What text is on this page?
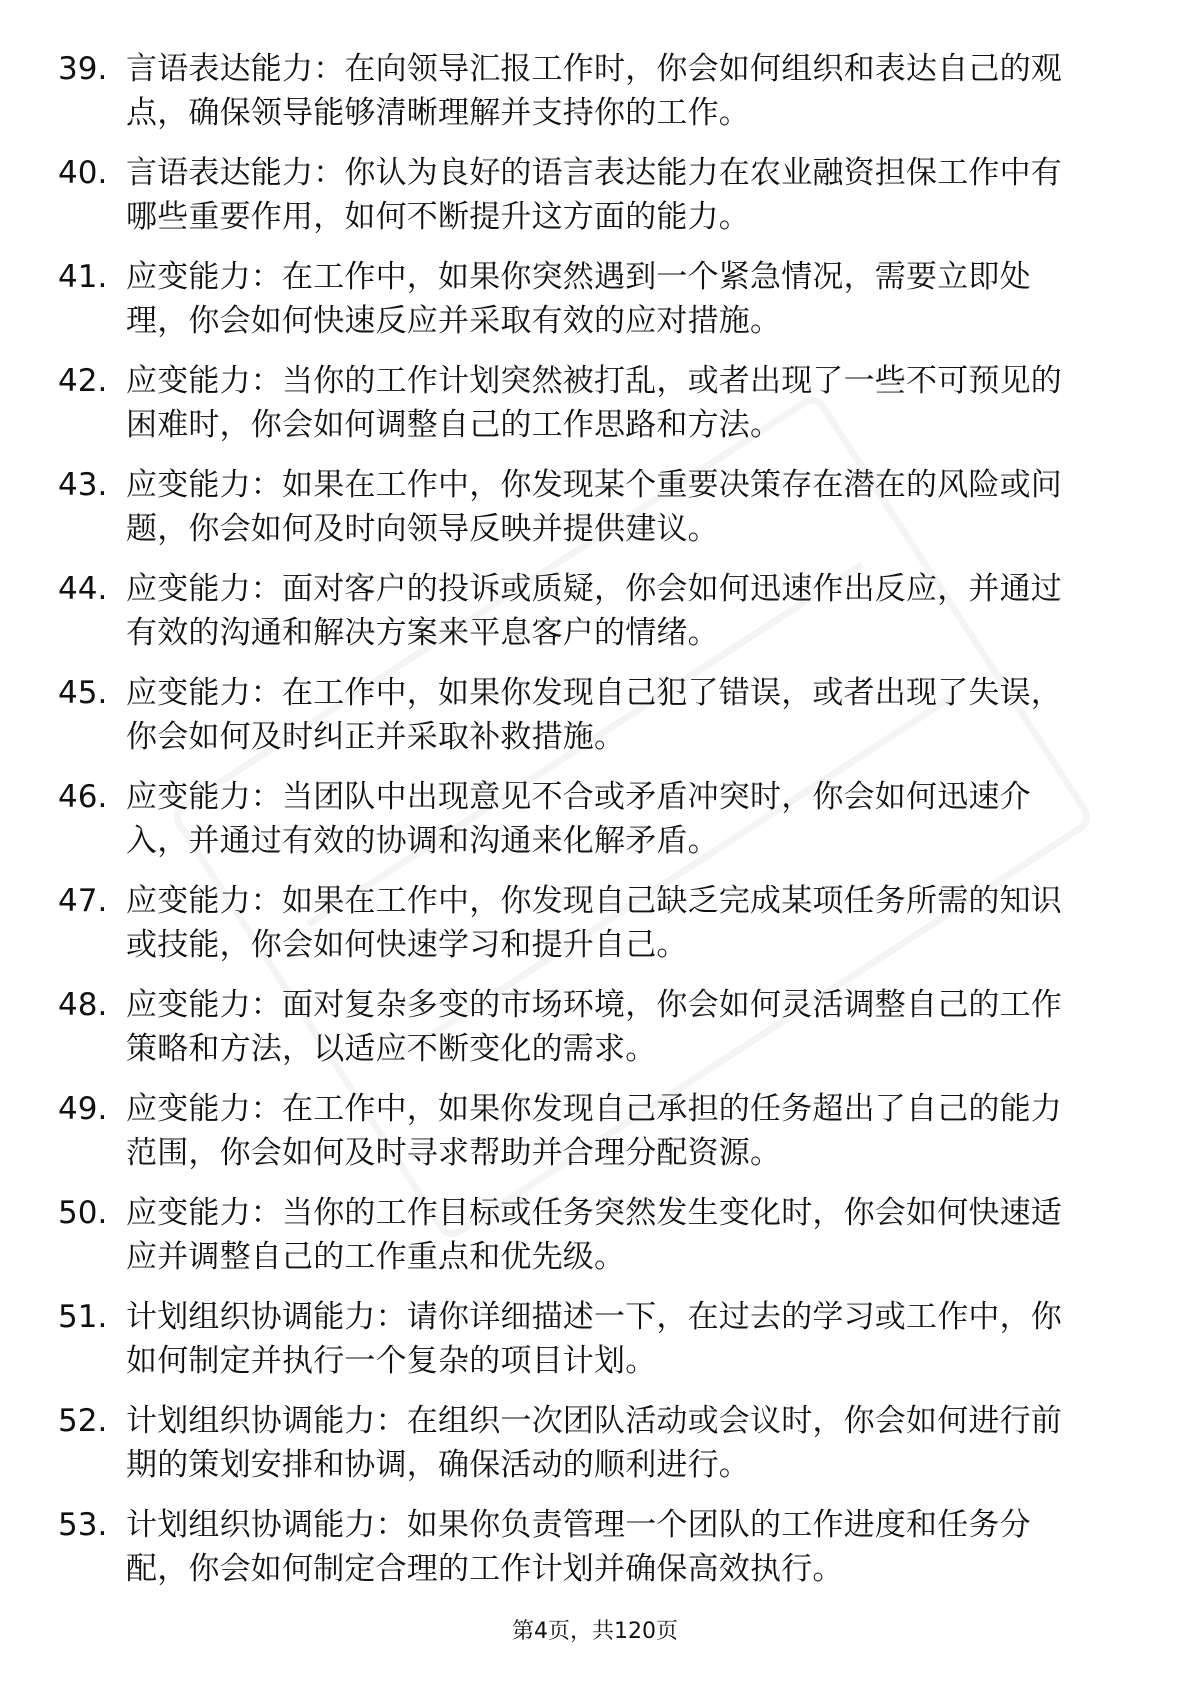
39. 言语表达能力：在向领导汇报工作时，你会如何组织和表达自己的观点，确保领导能够清晰理解并支持你的工作。
40. 言语表达能力：你认为良好的语言表达能力在农业融资担保工作中有哪些重要作用，如何不断提升这方面的能力。
41. 应变能力：在工作中，如果你突然遇到一个紧急情况，需要立即处理，你会如何快速反应并采取有效的应对措施。
42. 应变能力：当你的工作计划突然被打乱，或者出现了一些不可预见的困难时，你会如何调整自己的工作思路和方法。
43. 应变能力：如果在工作中，你发现某个重要决策存在潜在的风险或问题，你会如何及时向领导反映并提供建议。
44. 应变能力：面对客户的投诉或质疑，你会如何迅速作出反应，并通过有效的沟通和解决方案来平息客户的情绪。
45. 应变能力：在工作中，如果你发现自己犯了错误，或者出现了失误，你会如何及时纠正并采取补救措施。
46. 应变能力：当团队中出现意见不合或矛盾冲突时，你会如何迅速介入，并通过有效的协调和沟通来化解矛盾。
47. 应变能力：如果在工作中，你发现自己缺乏完成某项任务所需的知识或技能，你会如何快速学习和提升自己。
48. 应变能力：面对复杂多变的市场环境，你会如何灵活调整自己的工作策略和方法，以适应不断变化的需求。
49. 应变能力：在工作中，如果你发现自己承担的任务超出了自己的能力范围，你会如何及时寻求帮助并合理分配资源。
50. 应变能力：当你的工作目标或任务突然发生变化时，你会如何快速适应并调整自己的工作重点和优先级。
51. 计划组织协调能力：请你详细描述一下，在过去的学习或工作中，你如何制定并执行一个复杂的项目计划。
52. 计划组织协调能力：在组织一次团队活动或会议时，你会如何进行前期的策划安排和协调，确保活动的顺利进行。
53. 计划组织协调能力：如果你负责管理一个团队的工作进度和任务分配，你会如何制定合理的工作计划并确保高效执行。
第4页，共120页
